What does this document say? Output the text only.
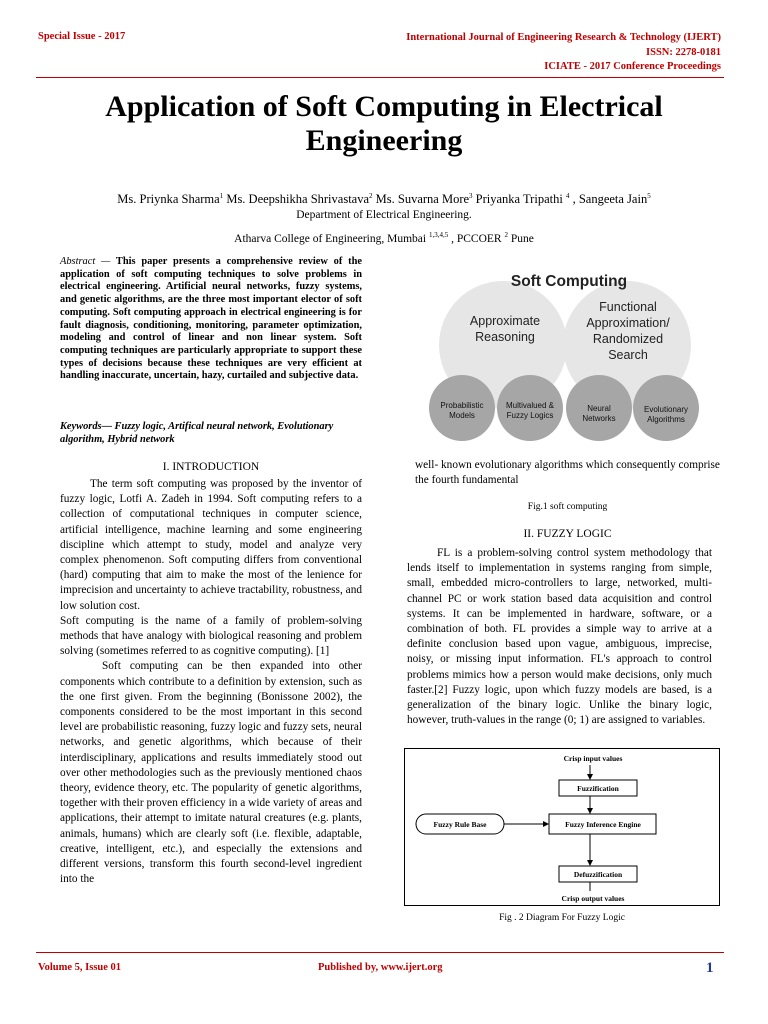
Special Issue - 2017	International Journal of Engineering Research & Technology (IJERT)
ISSN: 2278-0181
ICIATE - 2017 Conference Proceedings
Application of Soft Computing in Electrical Engineering
Ms. Priynka Sharma$^1$ Ms. Deepshikha Shrivastava$^2$ Ms. Suvarna More$^3$ Priyanka Tripathi $^4$ , Sangeeta Jain$^5$
Department of Electrical Engineering.
Atharva College of Engineering, Mumbai $^{1,3,4,5}$ , PCCOER $^2$ Pune
Abstract — This paper presents a comprehensive review of the application of soft computing techniques to solve problems in electrical engineering. Artificial neural networks, fuzzy systems, and genetic algorithms, are the three most important elector of soft computing. Soft computing approach in electrical engineering is for fault diagnosis, conditioning, monitoring, parameter optimization, modeling and control of linear and non linear system. Soft computing techniques are particularly appropriate to support these types of decisions because these techniques are very efficient at handling inaccurate, uncertain, hazy, curtailed and subjective data.
Keywords— Fuzzy logic, Artifical neural network, Evolutionary algorithm, Hybrid network
I. INTRODUCTION

The term soft computing was proposed by the inventor of fuzzy logic, Lotfi A. Zadeh in 1994. Soft computing refers to a collection of computational techniques in computer science, artificial intelligence, machine learning and some engineering discipline which attempt to study, model and analyze very complex phenomenon. Soft computing differs from conventional (hard) computing that aim to make the most of the lenience for imprecision and uncertainty to achieve tractability, robustness, and low solution cost.

Soft computing is the name of a family of problem-solving methods that have analogy with biological reasoning and problem solving (sometimes referred to as cognitive computing). [1]

Soft computing can be then expanded into other components which contribute to a definition by extension, such as the one first given. From the beginning (Bonissone 2002), the components considered to be the most important in this second level are probabilistic reasoning, fuzzy logic and fuzzy sets, neural networks, and genetic algorithms, which because of their interdisciplinary, applications and results immediately stood out over other methodologies such as the previously mentioned chaos theory, evidence theory, etc. The popularity of genetic algorithms, together with their proven efficiency in a wide variety of areas and applications, their attempt to imitate natural creatures (e.g. plants, animals, humans) which are clearly soft (i.e. flexible, adaptable, creative, intelligent, etc.), and especially the extensions and different versions, transform this fourth second-level ingredient into the

Soft Computing
Approximate
Reasoning
Functional
Approximation/
Randomized
Search
Probabilistic
Models
Multivalued &
Fuzzy Logics
Neural
Networks
Evolutionary
Algorithms
well- known evolutionary algorithms which consequently comprise the fourth fundamental
Fig.1 soft computing
II. FUZZY LOGIC

FL is a problem-solving control system methodology that lends itself to implementation in systems ranging from simple, small, embedded micro-controllers to large, networked, multi- channel PC or work station based data acquisition and control systems. It can be implemented in hardware, software, or a combination of both. FL provides a simple way to arrive at a definite conclusion based upon vague, ambiguous, imprecise, noisy, or missing input information. FL's approach to control problems mimics how a person would make decisions, only much faster.[2] Fuzzy logic, upon which fuzzy models are based, is a generalization of the binary logic. Unlike the binary logic, however, truth-values in the range (0; 1) are assigned to variables.

Crisp input values
Fuzzification
Fuzzy Inference Engine
Fuzzy Rule Base
Defuzzification
Crisp output values
Fig . 2 Diagram For Fuzzy Logic
Volume 5, Issue 01	Published by, www.ijert.org	1
